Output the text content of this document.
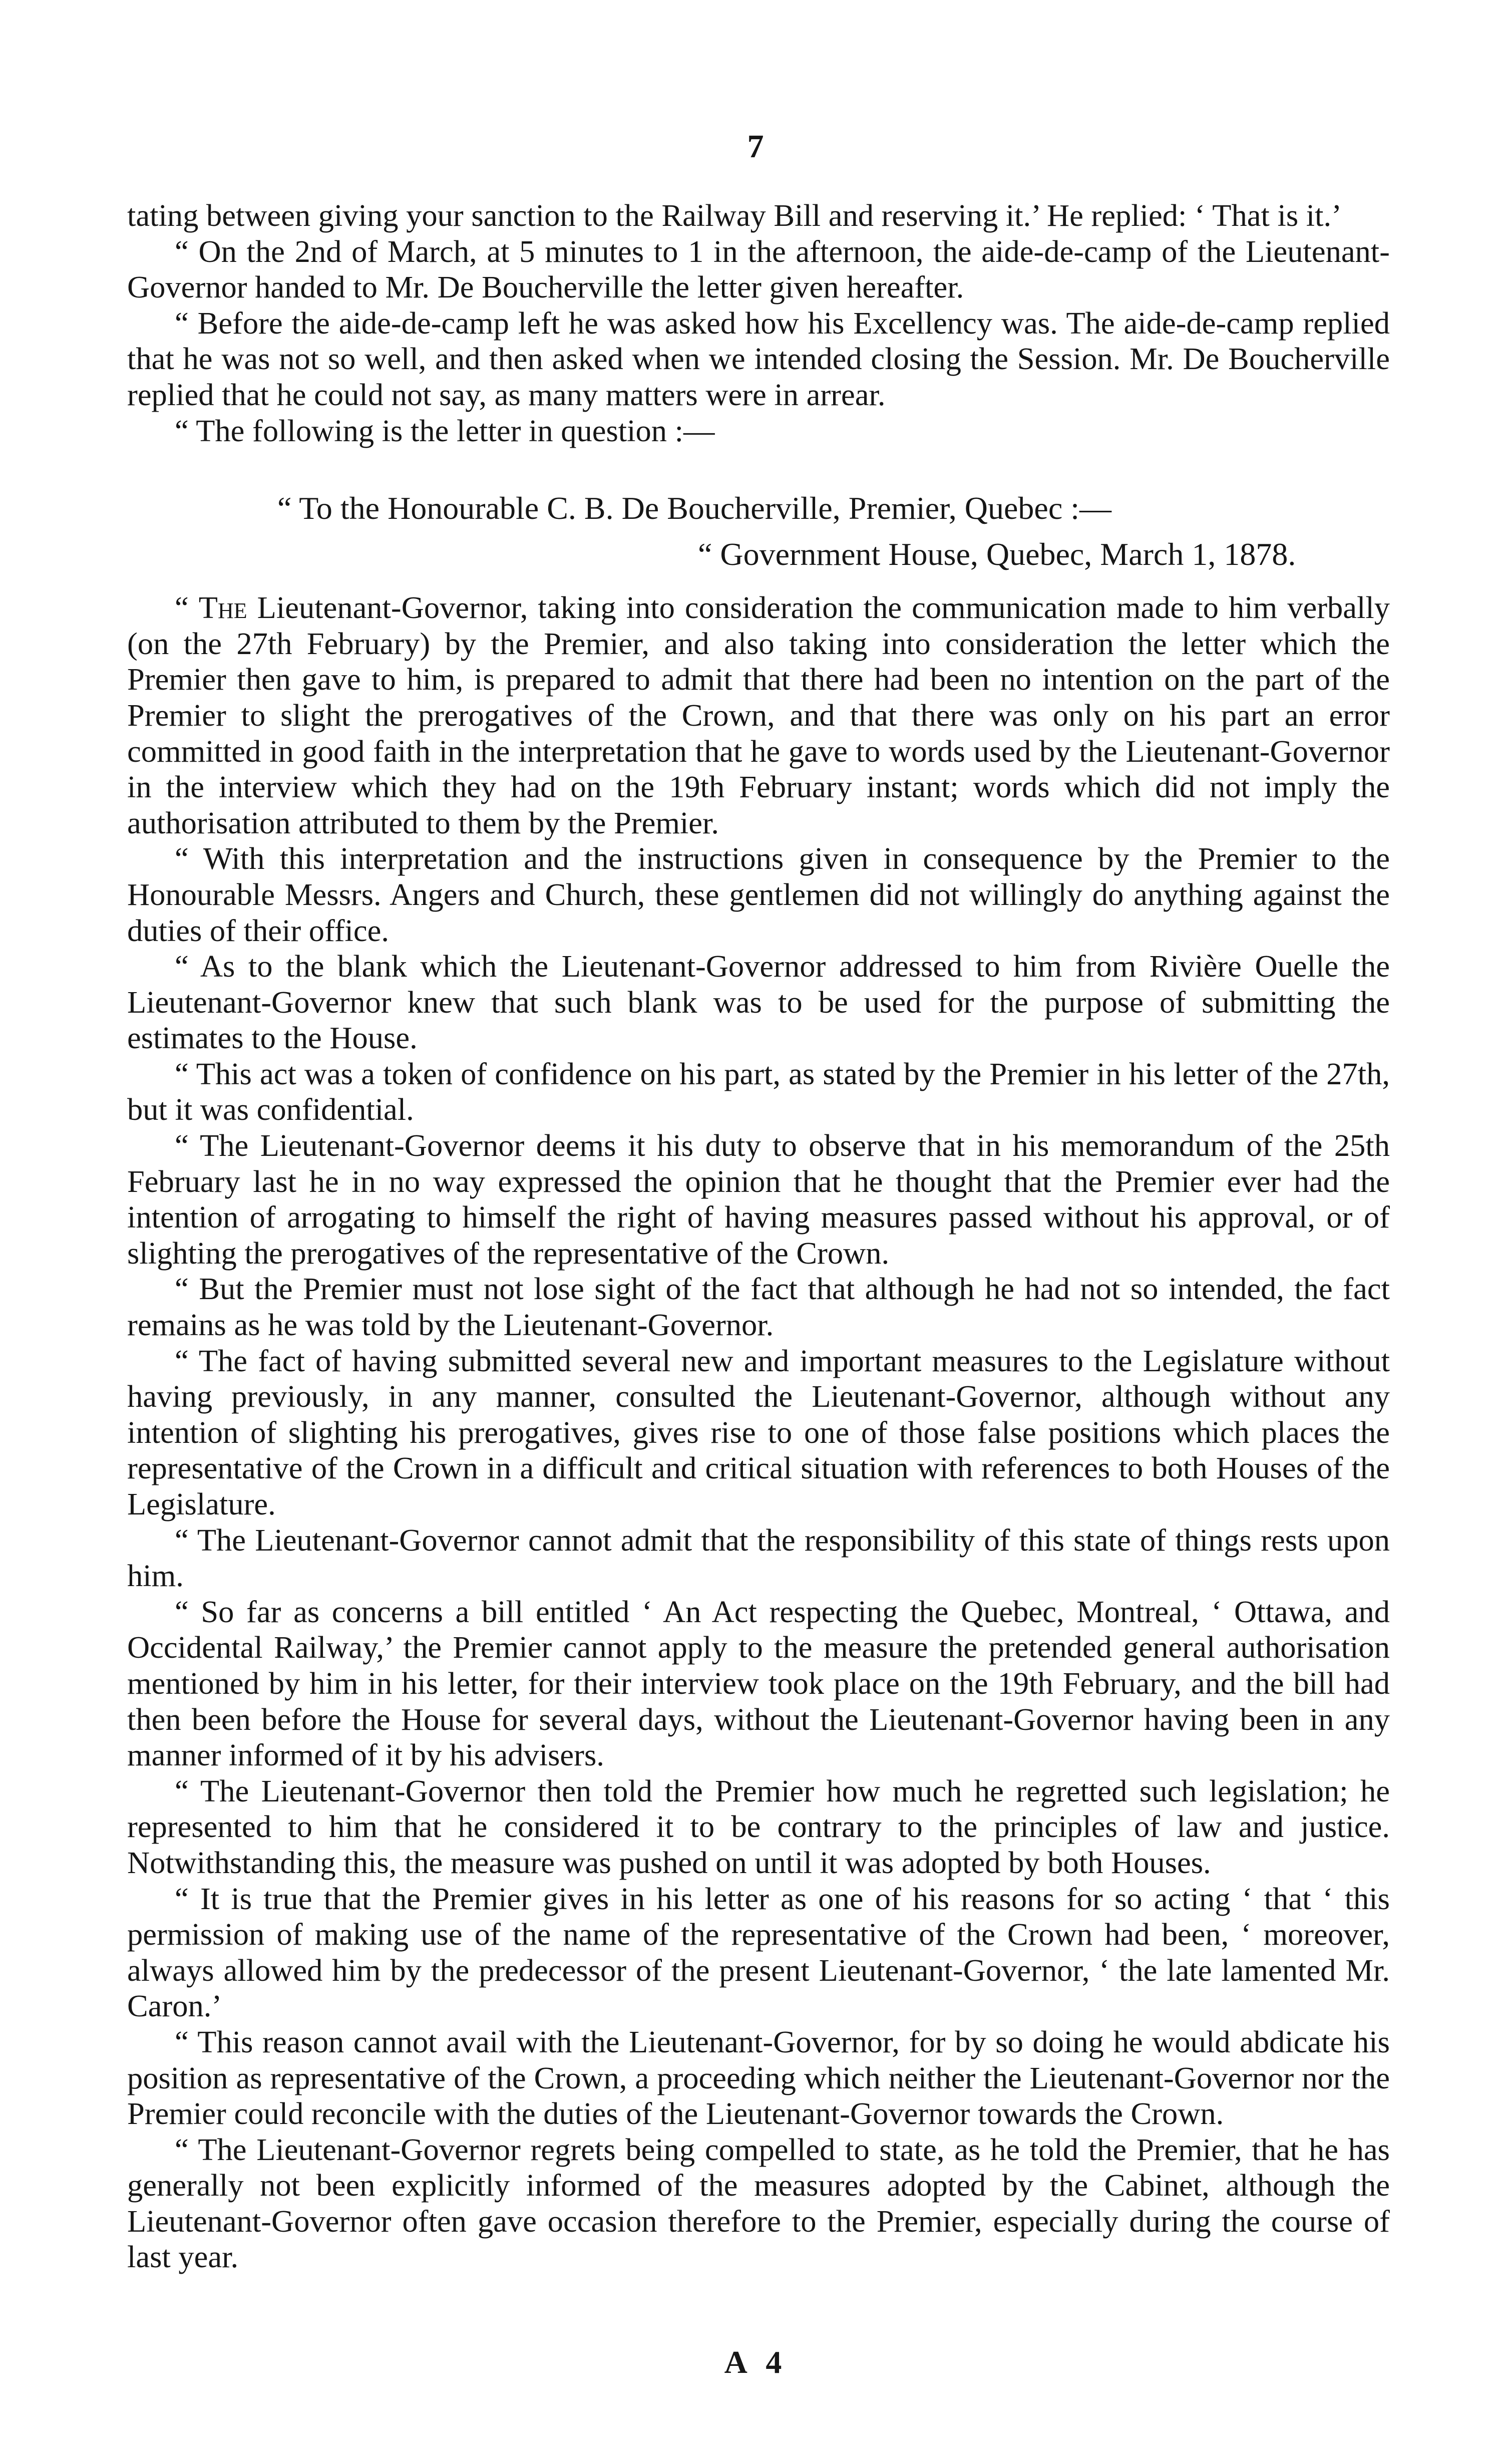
7

tating between giving your sanction to the Railway Bill and reserving it.’ He replied: ‘ That is it.’

“ On the 2nd of March, at 5 minutes to 1 in the afternoon, the aide-de-camp of the Lieutenant-Governor handed to Mr. De Boucherville the letter given hereafter.

“ Before the aide-de-camp left he was asked how his Excellency was. The aide-de-camp replied that he was not so well, and then asked when we intended closing the Session. Mr. De Boucherville replied that he could not say, as many matters were in arrear.

“ The following is the letter in question :—

“ To the Honourable C. B. De Boucherville, Premier, Quebec :—
“ Government House, Quebec, March 1, 1878.

“ The Lieutenant-Governor, taking into consideration the communication made to him verbally (on the 27th February) by the Premier, and also taking into consideration the letter which the Premier then gave to him, is prepared to admit that there had been no intention on the part of the Premier to slight the prerogatives of the Crown, and that there was only on his part an error committed in good faith in the interpretation that he gave to words used by the Lieutenant-Governor in the interview which they had on the 19th February instant; words which did not imply the authorisation attributed to them by the Premier.

“ With this interpretation and the instructions given in consequence by the Premier to the Honourable Messrs. Angers and Church, these gentlemen did not willingly do anything against the duties of their office.

“ As to the blank which the Lieutenant-Governor addressed to him from Rivière Ouelle the Lieutenant-Governor knew that such blank was to be used for the purpose of submitting the estimates to the House.

“ This act was a token of confidence on his part, as stated by the Premier in his letter of the 27th, but it was confidential.

“ The Lieutenant-Governor deems it his duty to observe that in his memorandum of the 25th February last he in no way expressed the opinion that he thought that the Premier ever had the intention of arrogating to himself the right of having measures passed without his approval, or of slighting the prerogatives of the representative of the Crown.

“ But the Premier must not lose sight of the fact that although he had not so intended, the fact remains as he was told by the Lieutenant-Governor.

“ The fact of having submitted several new and important measures to the Legislature without having previously, in any manner, consulted the Lieutenant-Governor, although without any intention of slighting his prerogatives, gives rise to one of those false positions which places the representative of the Crown in a difficult and critical situation with references to both Houses of the Legislature.

“ The Lieutenant-Governor cannot admit that the responsibility of this state of things rests upon him.

“ So far as concerns a bill entitled ‘ An Act respecting the Quebec, Montreal, ‘ Ottawa, and Occidental Railway,’ the Premier cannot apply to the measure the pretended general authorisation mentioned by him in his letter, for their interview took place on the 19th February, and the bill had then been before the House for several days, without the Lieutenant-Governor having been in any manner informed of it by his advisers.

“ The Lieutenant-Governor then told the Premier how much he regretted such legislation; he represented to him that he considered it to be contrary to the principles of law and justice. Notwithstanding this, the measure was pushed on until it was adopted by both Houses.

“ It is true that the Premier gives in his letter as one of his reasons for so acting ‘ that ‘ this permission of making use of the name of the representative of the Crown had been, ‘ moreover, always allowed him by the predecessor of the present Lieutenant-Governor, ‘ the late lamented Mr. Caron.’

“ This reason cannot avail with the Lieutenant-Governor, for by so doing he would abdicate his position as representative of the Crown, a proceeding which neither the Lieutenant-Governor nor the Premier could reconcile with the duties of the Lieutenant-Governor towards the Crown.

“ The Lieutenant-Governor regrets being compelled to state, as he told the Premier, that he has generally not been explicitly informed of the measures adopted by the Cabinet, although the Lieutenant-Governor often gave occasion therefore to the Premier, especially during the course of last year.

A 4
